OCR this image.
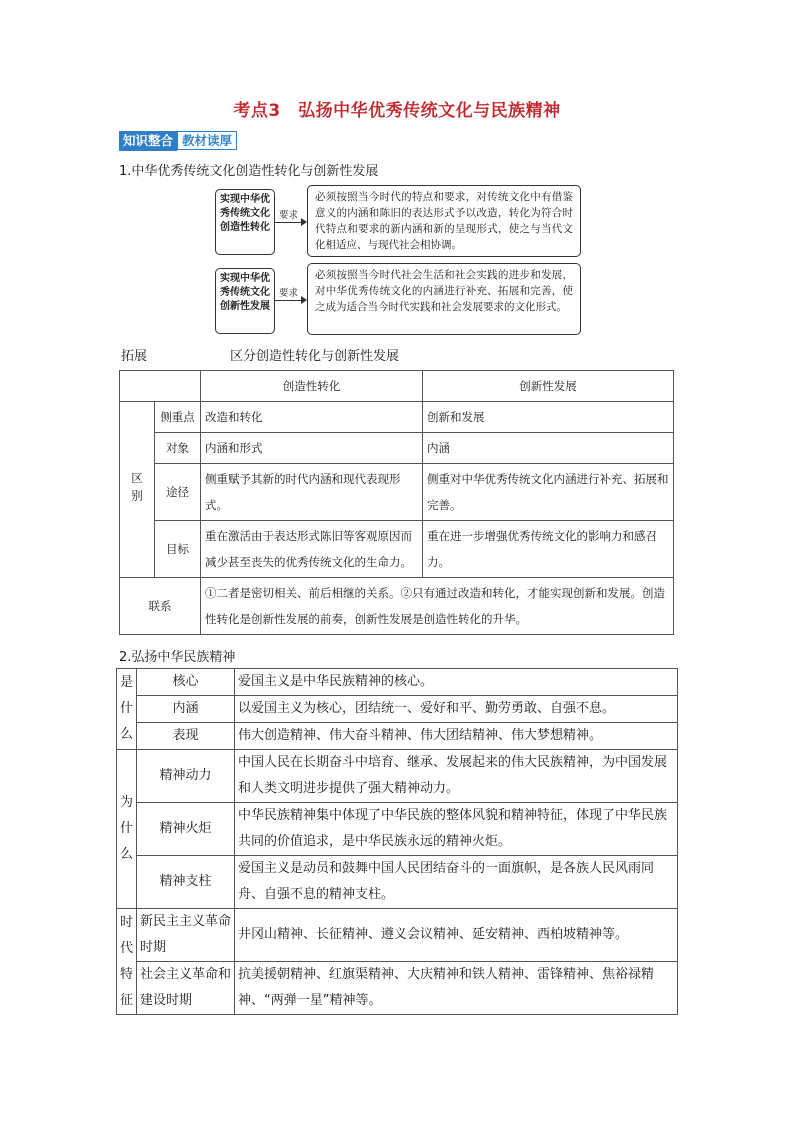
考点3　弘扬中华优秀传统文化与民族精神
知识整合 教材读厚
1.中华优秀传统文化创造性转化与创新性发展
实现中华优秀传统文化创造性转化
要求
必须按照当今时代的特点和要求，对传统文化中有借鉴意义的内涵和陈旧的表达形式予以改造，转化为符合时代特点和要求的新内涵和新的呈现形式，使之与当代文化相适应、与现代社会相协调。
实现中华优秀传统文化创新性发展
要求
必须按照当今时代社会生活和社会实践的进步和发展，对中华优秀传统文化的内涵进行补充、拓展和完善，使之成为适合当今时代实践和社会发展要求的文化形式。
拓展	区分创造性转化与创新性发展
		创造性转化	创新性发展

区别	侧重点	改造和转化	创新和发展
	对象	内涵和形式	内涵
	途径	侧重赋予其新的时代内涵和现代表现形式。	侧重对中华优秀传统文化内涵进行补充、拓展和完善。
	目标	重在激活由于表达形式陈旧等客观原因而减少甚至丧失的优秀传统文化的生命力。	重在进一步增强优秀传统文化的影响力和感召力。
联系		①二者是密切相关、前后相继的关系。②只有通过改造和转化，才能实现创新和发展。创造性转化是创新性发展的前奏，创新性发展是创造性转化的升华。	
2.弘扬中华民族精神
是
什
么	核心	爱国主义是中华民族精神的核心。
	内涵	以爱国主义为核心，团结统一、爱好和平、勤劳勇敢、自强不息。
	表现	伟大创造精神、伟大奋斗精神、伟大团结精神、伟大梦想精神。

为
什
么	精神动力	中国人民在长期奋斗中培育、继承、发展起来的伟大民族精神，为中国发展和人类文明进步提供了强大精神动力。
	精神火炬	中华民族精神集中体现了中华民族的整体风貌和精神特征，体现了中华民族共同的价值追求，是中华民族永远的精神火炬。
	精神支柱	爱国主义是动员和鼓舞中国人民团结奋斗的一面旗帜，是各族人民风雨同舟、自强不息的精神支柱。

时
代
特
征	新民主主义革命时期	井冈山精神、长征精神、遵义会议精神、延安精神、西柏坡精神等。
	社会主义革命和建设时期	抗美援朝精神、红旗渠精神、大庆精神和铁人精神、雷锋精神、焦裕禄精神、“两弹一星”精神等。
